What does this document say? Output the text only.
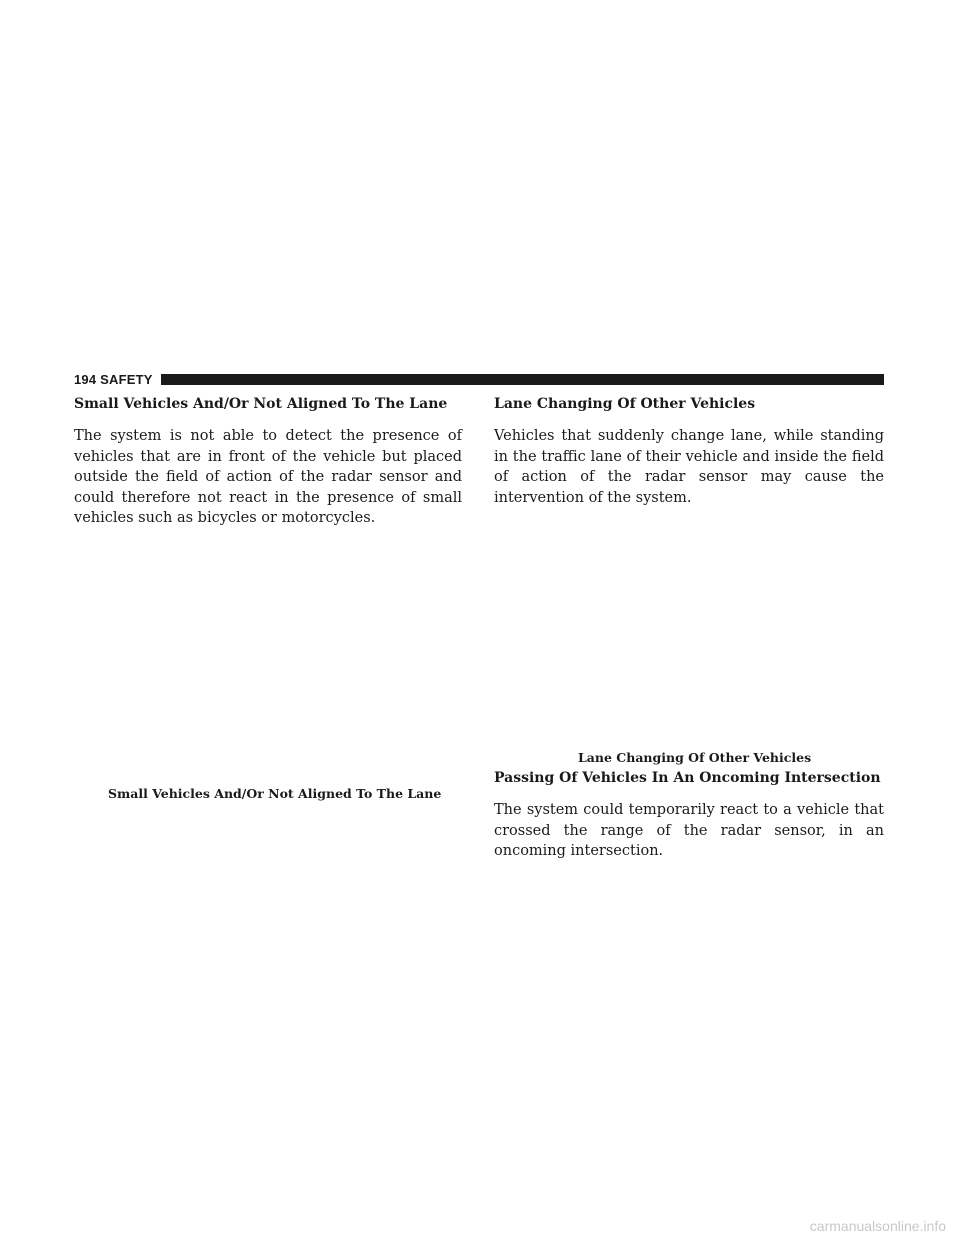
194 SAFETY
Small Vehicles And/Or Not Aligned To The Lane

The system is not able to detect the presence of vehicles that are in front of the vehicle but placed outside the field of action of the radar sensor and could therefore not react in the presence of small vehicles such as bicycles or motorcycles.

Small Vehicles And/Or Not Aligned To The Lane
Lane Changing Of Other Vehicles

Vehicles that suddenly change lane, while standing in the traffic lane of their vehicle and inside the field of action of the radar sensor may cause the intervention of the system.

Lane Changing Of Other Vehicles
Passing Of Vehicles In An Oncoming Intersection

The system could temporarily react to a vehicle that crossed the range of the radar sensor, in an oncoming intersection.

carmanualsonline.info
